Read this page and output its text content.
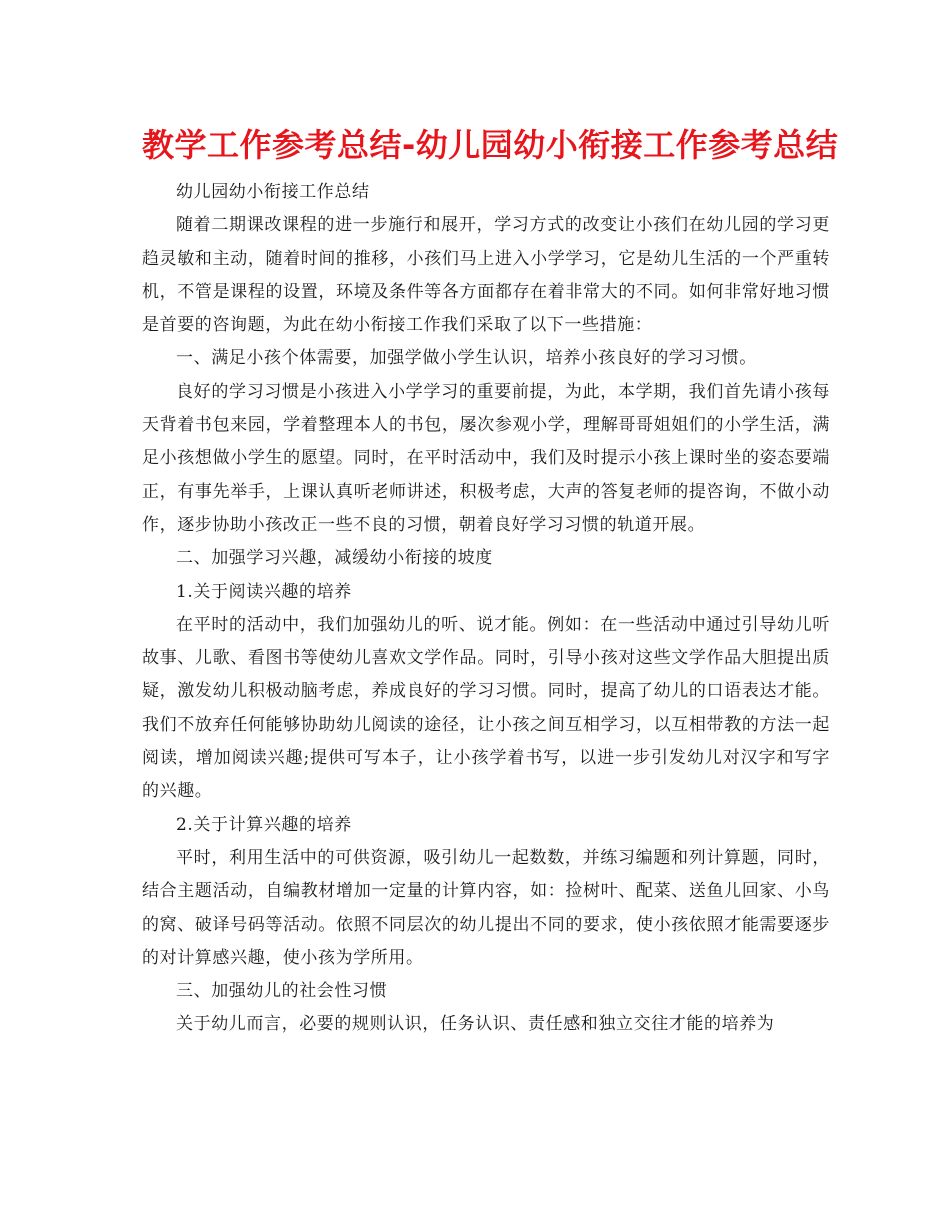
教学工作参考总结-幼儿园幼小衔接工作参考总结

幼儿园幼小衔接工作总结

随着二期课改课程的进一步施行和展开，学习方式的改变让小孩们在幼儿园的学习更趋灵敏和主动，随着时间的推移，小孩们马上进入小学学习，它是幼儿生活的一个严重转机，不管是课程的设置，环境及条件等各方面都存在着非常大的不同。如何非常好地习惯是首要的咨询题，为此在幼小衔接工作我们采取了以下一些措施：

一、满足小孩个体需要，加强学做小学生认识，培养小孩良好的学习习惯。

良好的学习习惯是小孩进入小学学习的重要前提，为此，本学期，我们首先请小孩每天背着书包来园，学着整理本人的书包，屡次参观小学，理解哥哥姐姐们的小学生活，满足小孩想做小学生的愿望。同时，在平时活动中，我们及时提示小孩上课时坐的姿态要端正，有事先举手，上课认真听老师讲述，积极考虑，大声的答复老师的提咨询，不做小动作，逐步协助小孩改正一些不良的习惯，朝着良好学习习惯的轨道开展。

二、加强学习兴趣，减缓幼小衔接的坡度

1.关于阅读兴趣的培养

在平时的活动中，我们加强幼儿的听、说才能。例如：在一些活动中通过引导幼儿听故事、儿歌、看图书等使幼儿喜欢文学作品。同时，引导小孩对这些文学作品大胆提出质疑，激发幼儿积极动脑考虑，养成良好的学习习惯。同时，提高了幼儿的口语表达才能。我们不放弃任何能够协助幼儿阅读的途径，让小孩之间互相学习，以互相带教的方法一起阅读，增加阅读兴趣;提供可写本子，让小孩学着书写，以进一步引发幼儿对汉字和写字的兴趣。

2.关于计算兴趣的培养

平时，利用生活中的可供资源，吸引幼儿一起数数，并练习编题和列计算题，同时，结合主题活动，自编教材增加一定量的计算内容，如：捡树叶、配菜、送鱼儿回家、小鸟的窝、破译号码等活动。依照不同层次的幼儿提出不同的要求，使小孩依照才能需要逐步的对计算感兴趣，使小孩为学所用。

三、加强幼儿的社会性习惯

关于幼儿而言，必要的规则认识，任务认识、责任感和独立交往才能的培养为
